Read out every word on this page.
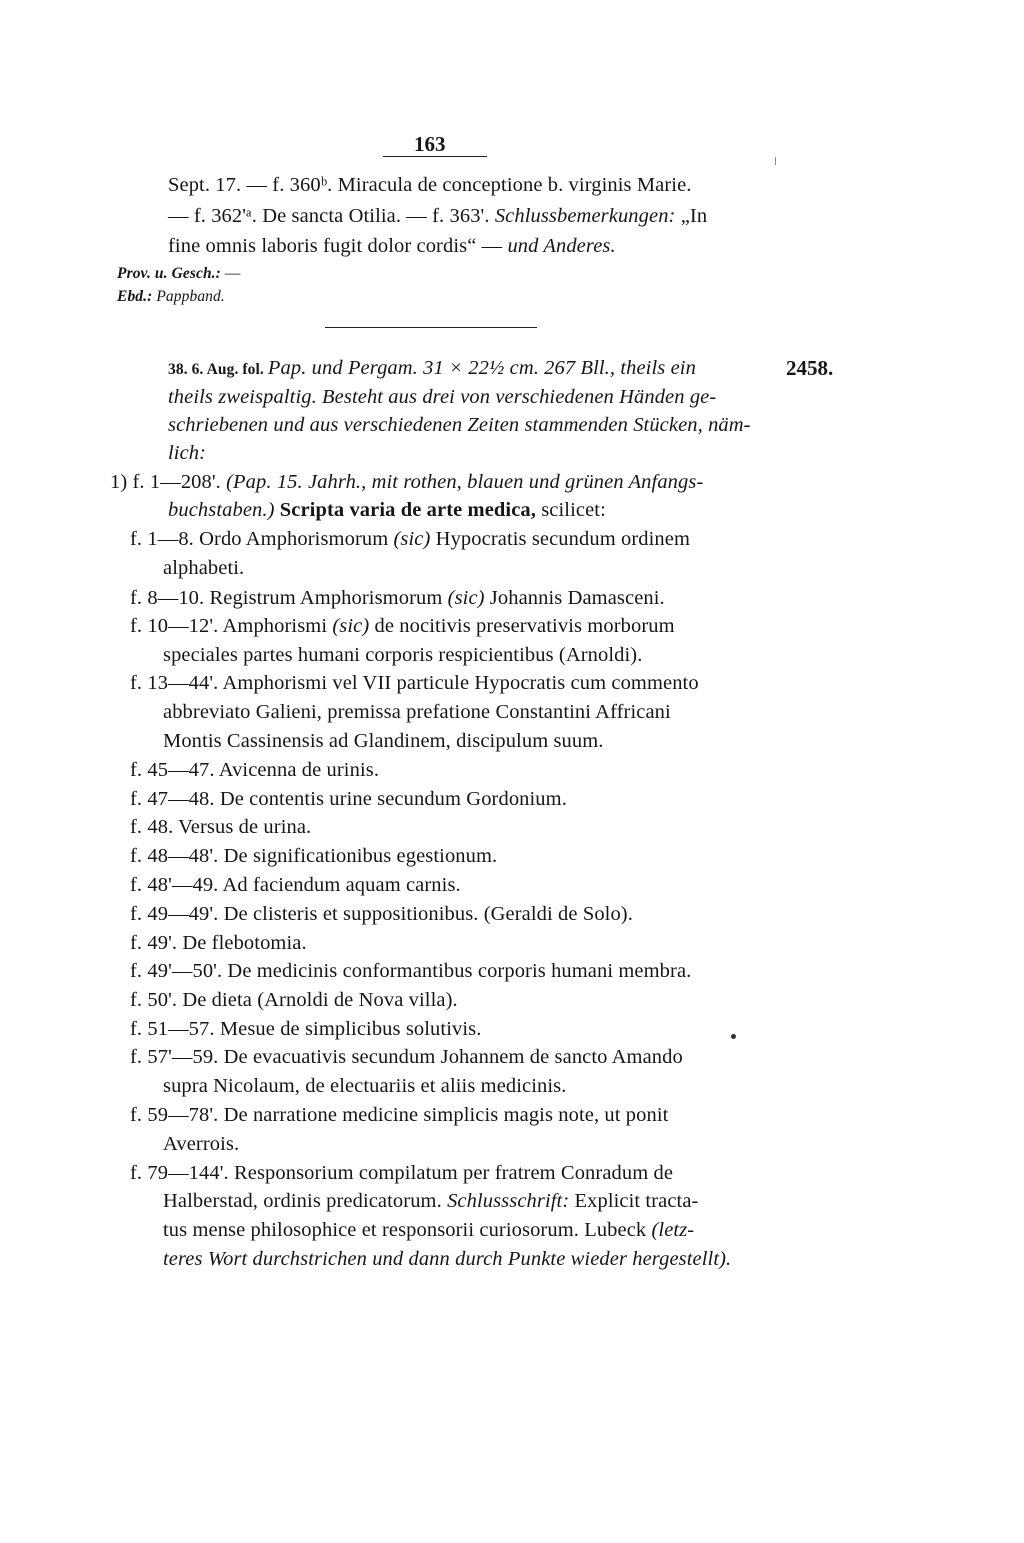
163
Sept. 17. — f. 360ᵇ. Miracula de conceptione b. virginis Marie.
— f. 362'ᵃ. De sancta Otilia. — f. 363'. Schlussbemerkungen: „In
fine omnis laboris fugit dolor cordis“ — und Anderes.
Prov. u. Gesch.: —
Ebd.: Pappband.
2458.
38. 6. Aug. fol. Pap. und Pergam. 31 × 22½ cm. 267 Bll., theils ein
theils zweispaltig. Besteht aus drei von verschiedenen Händen ge-
schriebenen und aus verschiedenen Zeiten stammenden Stücken, näm-
lich:
1) f. 1—208'. (Pap. 15. Jahrh., mit rothen, blauen und grünen Anfangs-
buchstaben.) Scripta varia de arte medica, scilicet:
f. 1—8. Ordo Amphorismorum (sic) Hypocratis secundum ordinem
alphabeti.
f. 8—10. Registrum Amphorismorum (sic) Johannis Damasceni.
f. 10—12'. Amphorismi (sic) de nocitivis preservativis morborum
speciales partes humani corporis respicientibus (Arnoldi).
f. 13—44'. Amphorismi vel VII particule Hypocratis cum commento
abbreviato Galieni, premissa prefatione Constantini Affricani
Montis Cassinensis ad Glandinem, discipulum suum.
f. 45—47. Avicenna de urinis.
f. 47—48. De contentis urine secundum Gordonium.
f. 48. Versus de urina.
f. 48—48'. De significationibus egestionum.
f. 48'—49. Ad faciendum aquam carnis.
f. 49—49'. De clisteris et suppositionibus. (Geraldi de Solo).
f. 49'. De flebotomia.
f. 49'—50'. De medicinis conformantibus corporis humani membra.
f. 50'. De dieta (Arnoldi de Nova villa).
f. 51—57. Mesue de simplicibus solutivis.
f. 57'—59. De evacuativis secundum Johannem de sancto Amando
supra Nicolaum, de electuariis et aliis medicinis.
f. 59—78'. De narratione medicine simplicis magis note, ut ponit
Averrois.
f. 79—144'. Responsorium compilatum per fratrem Conradum de
Halberstad, ordinis predicatorum. Schlussschrift: Explicit tracta-
tus mense philosophice et responsorii curiosorum. Lubeck (letz-
teres Wort durchstrichen und dann durch Punkte wieder hergestellt).
